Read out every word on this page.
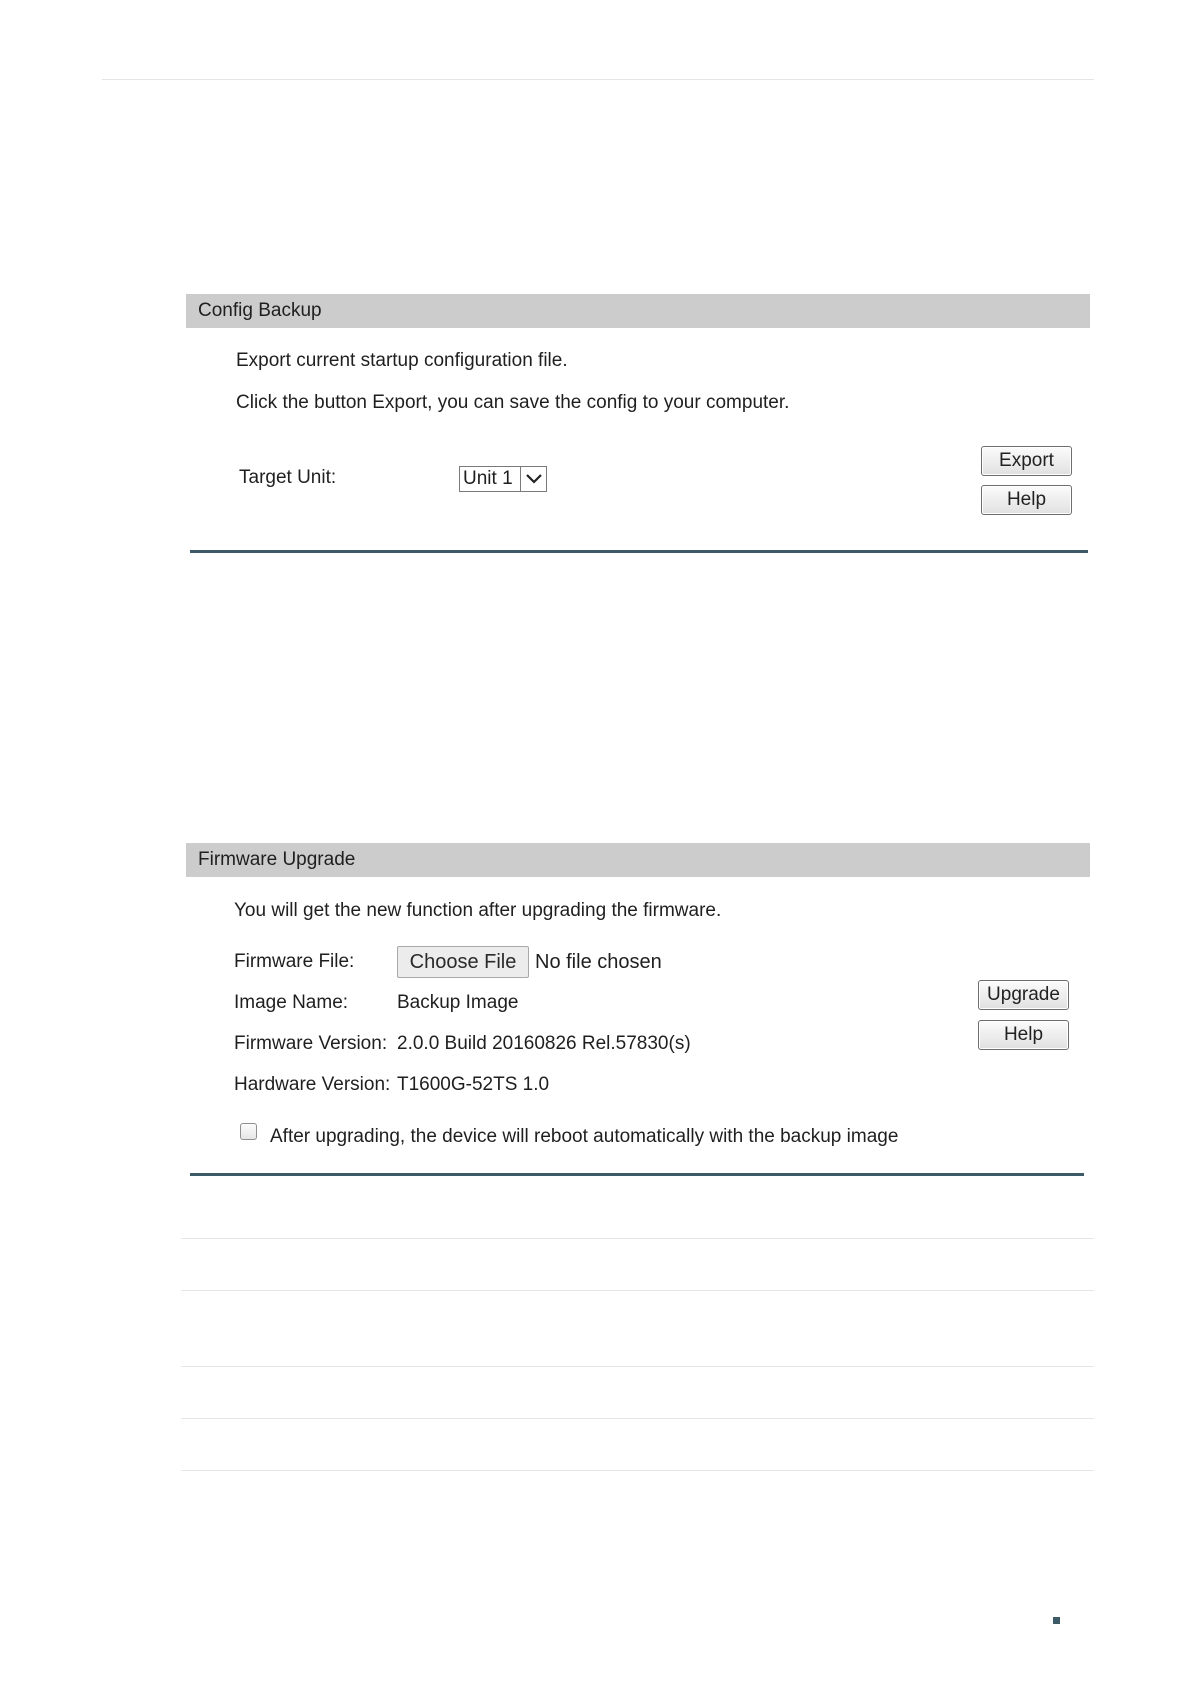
Config Backup
Export current startup configuration file.
Click the button Export, you can save the config to your computer.
Target Unit:	Unit 1
Export
Help
Firmware Upgrade
You will get the new function after upgrading the firmware.
Firmware File:	Choose File No file chosen
Image Name:	Backup Image
Firmware Version: 2.0.0 Build 20160826 Rel.57830(s)
Hardware Version: T1600G-52TS 1.0
After upgrading, the device will reboot automatically with the backup image
Upgrade
Help
